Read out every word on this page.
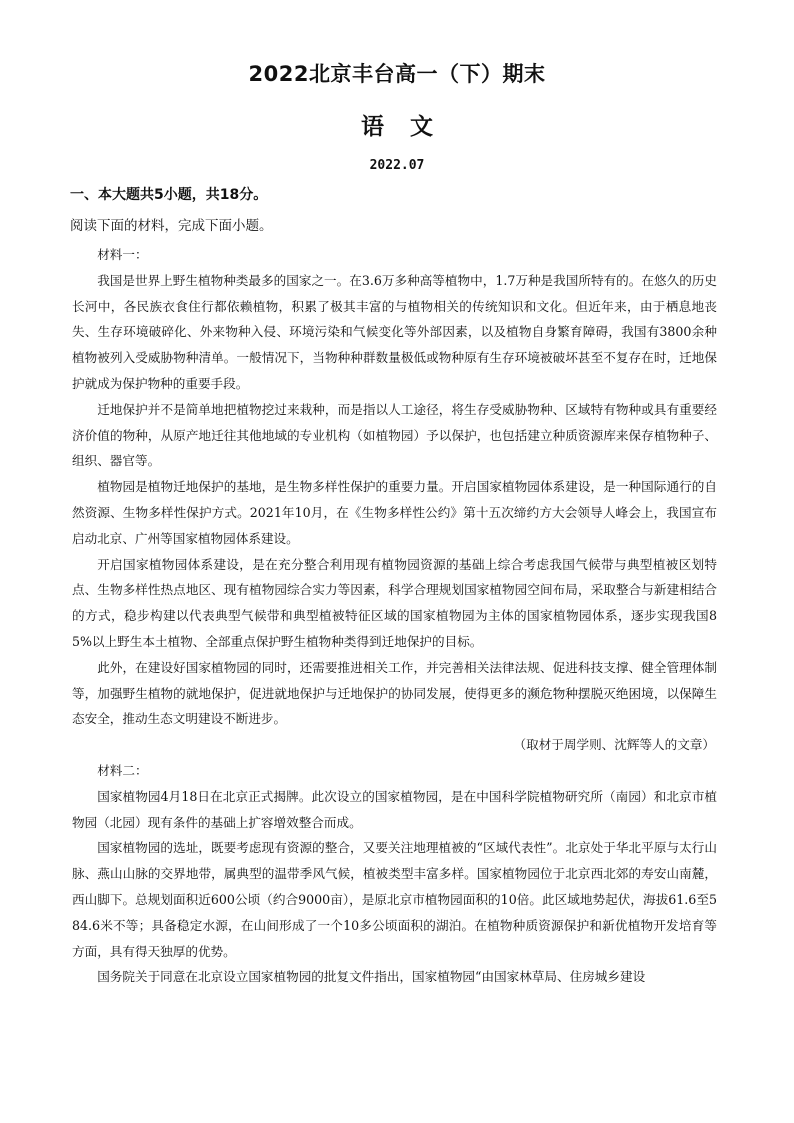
2022北京丰台高一（下）期末
语文
2022.07
一、本大题共5小题，共18分。
阅读下面的材料，完成下面小题。

材料一：

我国是世界上野生植物种类最多的国家之一。在3.6万多种高等植物中，1.7万种是我国所特有的。在悠久的历史长河中，各民族衣食住行都依赖植物，积累了极其丰富的与植物相关的传统知识和文化。但近年来，由于栖息地丧失、生存环境破碎化、外来物种入侵、环境污染和气候变化等外部因素，以及植物自身繁育障碍，我国有3800余种植物被列入受威胁物种清单。一般情况下，当物种种群数量极低或物种原有生存环境被破坏甚至不复存在时，迁地保护就成为保护物种的重要手段。

迁地保护并不是简单地把植物挖过来栽种，而是指以人工途径，将生存受威胁物种、区域特有物种或具有重要经济价值的物种，从原产地迁往其他地域的专业机构（如植物园）予以保护，也包括建立种质资源库来保存植物种子、组织、器官等。

植物园是植物迁地保护的基地，是生物多样性保护的重要力量。开启国家植物园体系建设，是一种国际通行的自然资源、生物多样性保护方式。2021年10月，在《生物多样性公约》第十五次缔约方大会领导人峰会上，我国宣布启动北京、广州等国家植物园体系建设。

开启国家植物园体系建设，是在充分整合利用现有植物园资源的基础上综合考虑我国气候带与典型植被区划特点、生物多样性热点地区、现有植物园综合实力等因素，科学合理规划国家植物园空间布局，采取整合与新建相结合的方式，稳步构建以代表典型气候带和典型植被特征区域的国家植物园为主体的国家植物园体系，逐步实现我国85%以上野生本土植物、全部重点保护野生植物种类得到迁地保护的目标。

此外，在建设好国家植物园的同时，还需要推进相关工作，并完善相关法律法规、促进科技支撑、健全管理体制等，加强野生植物的就地保护，促进就地保护与迁地保护的协同发展，使得更多的濒危物种摆脱灭绝困境，以保障生态安全，推动生态文明建设不断进步。

（取材于周学则、沈辉等人的文章）

材料二：

国家植物园4月18日在北京正式揭牌。此次设立的国家植物园，是在中国科学院植物研究所（南园）和北京市植物园（北园）现有条件的基础上扩容增效整合而成。

国家植物园的选址，既要考虑现有资源的整合，又要关注地理植被的“区域代表性”。北京处于华北平原与太行山脉、燕山山脉的交界地带，属典型的温带季风气候，植被类型丰富多样。国家植物园位于北京西北郊的寿安山南麓，西山脚下。总规划面积近600公顷（约合9000亩），是原北京市植物园面积的10倍。此区域地势起伏，海拔61.6至584.6米不等；具备稳定水源，在山间形成了一个10多公顷面积的湖泊。在植物种质资源保护和新优植物开发培育等方面，具有得天独厚的优势。

国务院关于同意在北京设立国家植物园的批复文件指出，国家植物园“由国家林草局、住房城乡建设
